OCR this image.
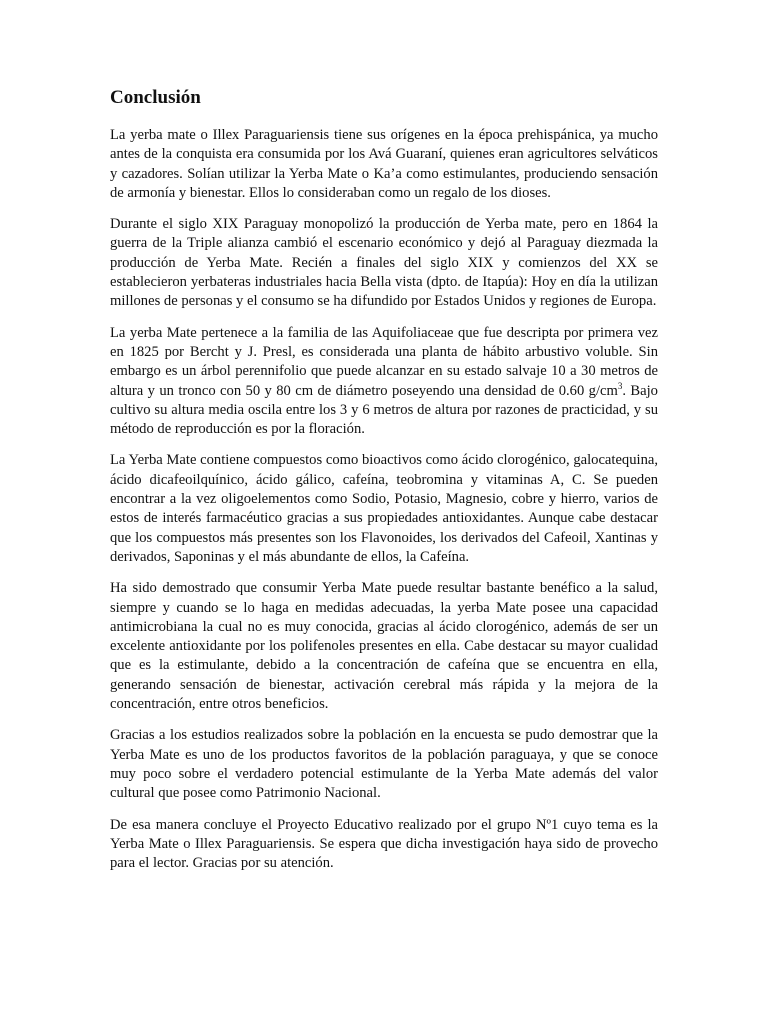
Conclusión

La yerba mate o Illex Paraguariensis tiene sus orígenes en la época prehispánica, ya mucho antes de la conquista era consumida por los Avá Guaraní, quienes eran agricultores selváticos y cazadores. Solían utilizar la Yerba Mate o Ka’a como estimulantes, produciendo sensación de armonía y bienestar. Ellos lo consideraban como un regalo de los dioses.

Durante el siglo XIX Paraguay monopolizó la producción de Yerba mate, pero en 1864 la guerra de la Triple alianza cambió el escenario económico y dejó al Paraguay diezmada la producción de Yerba Mate. Recién a finales del siglo XIX y comienzos del XX se establecieron yerbateras industriales hacia Bella vista (dpto. de Itapúa): Hoy en día la utilizan millones de personas y el consumo se ha difundido por Estados Unidos y regiones de Europa.

La yerba Mate pertenece a la familia de las Aquifoliaceae que fue descripta por primera vez en 1825 por Bercht y J. Presl, es considerada una planta de hábito arbustivo voluble. Sin embargo es un árbol perennifolio que puede alcanzar en su estado salvaje 10 a 30 metros de altura y un tronco con 50 y 80 cm de diámetro poseyendo una densidad de 0.60 $g/cm^3$. Bajo cultivo su altura media oscila entre los 3 y 6 metros de altura por razones de practicidad, y su método de reproducción es por la floración.

La Yerba Mate contiene compuestos como bioactivos como ácido clorogénico, galocatequina, ácido dicafeoilquínico, ácido gálico, cafeína, teobromina y vitaminas A, C. Se pueden encontrar a la vez oligoelementos como Sodio, Potasio, Magnesio, cobre y hierro, varios de estos de interés farmacéutico gracias a sus propiedades antioxidantes. Aunque cabe destacar que los compuestos más presentes son los Flavonoides, los derivados del Cafeoil, Xantinas y derivados, Saponinas y el más abundante de ellos, la Cafeína.

Ha sido demostrado que consumir Yerba Mate puede resultar bastante benéfico a la salud, siempre y cuando se lo haga en medidas adecuadas, la yerba Mate posee una capacidad antimicrobiana la cual no es muy conocida, gracias al ácido clorogénico, además de ser un excelente antioxidante por los polifenoles presentes en ella. Cabe destacar su mayor cualidad que es la estimulante, debido a la concentración de cafeína que se encuentra en ella, generando sensación de bienestar, activación cerebral más rápida y la mejora de la concentración, entre otros beneficios.

Gracias a los estudios realizados sobre la población en la encuesta se pudo demostrar que la Yerba Mate es uno de los productos favoritos de la población paraguaya, y que se conoce muy poco sobre el verdadero potencial estimulante de la Yerba Mate además del valor cultural que posee como Patrimonio Nacional.

De esa manera concluye el Proyecto Educativo realizado por el grupo Nº1 cuyo tema es la Yerba Mate o Illex Paraguariensis. Se espera que dicha investigación haya sido de provecho para el lector. Gracias por su atención.
